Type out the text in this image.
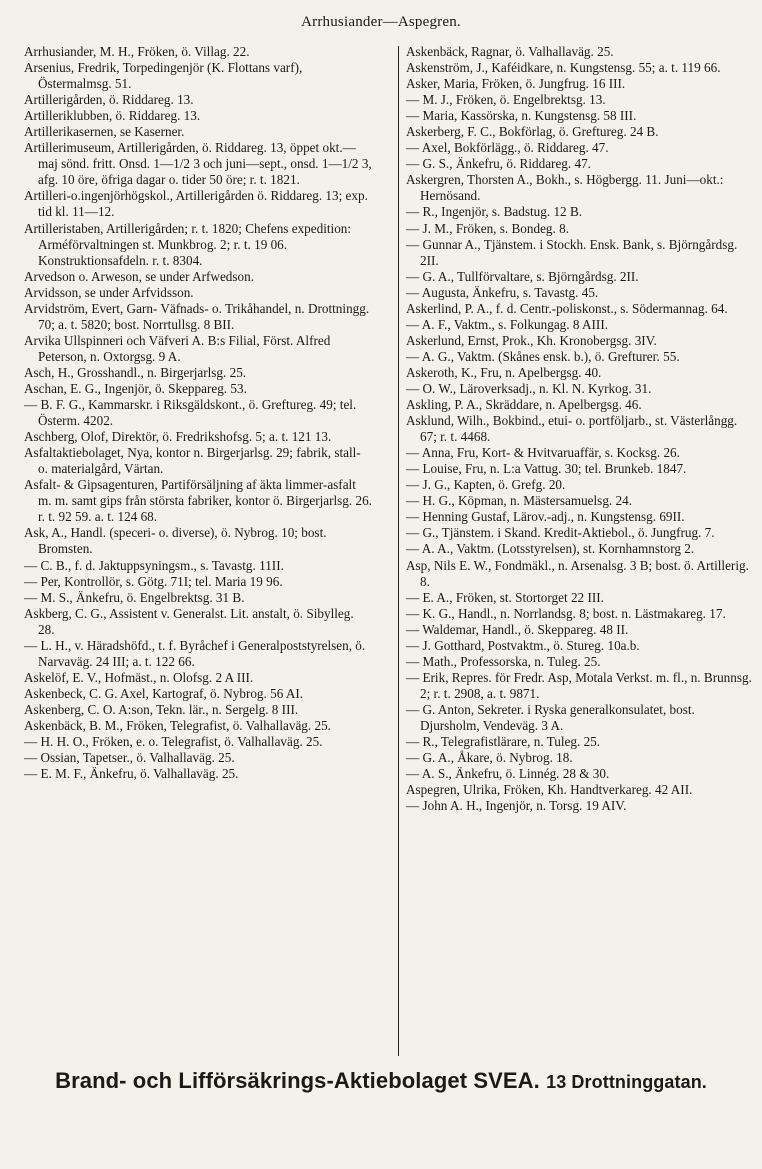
Arrhusiander—Aspegren.
Arrhusiander, M. H., Fröken, ö. Villag. 22.
Arsenius, Fredrik, Torpedingenjör (K. Flottans varf), Östermalmsg. 51.
Artillerigården, ö. Riddareg. 13.
Artilleriklubben, ö. Riddareg. 13.
Artillerikasernen, se Kaserner.
Artillerimuseum, Artillerigården, ö. Riddareg. 13, öppet okt.—maj sönd. fritt. Onsd. 1—1/2 3 och juni—sept., onsd. 1—1/2 3, afg. 10 öre, öfriga dagar o. tider 50 öre; r. t. 1821.
Artilleri-o.ingenjörhögskol., Artillerigården ö. Riddareg. 13; exp. tid kl. 11—12.
Artilleristaben, Artillerigården; r. t. 1820; Chefens expedition: Arméförvaltningen st. Munkbrog. 2; r. t. 19 06. Konstruktionsafdeln. r. t. 8304.
Arvedson o. Arweson, se under Arfwedson.
Arvidsson, se under Arfvidsson.
Arvidström, Evert, Garn- Väfnads- o. Trikåhandel, n. Drottningg. 70; a. t. 5820; bost. Norrtullsg. 8 BII.
Arvika Ullspinneri och Väfveri A. B:s Filial, Först. Alfred Peterson, n. Oxtorgsg. 9 A.
Asch, H., Grosshandl., n. Birgerjarlsg. 25.
Aschan, E. G., Ingenjör, ö. Skeppareg. 53.
— B. F. G., Kammarskr. i Riksgäldskont., ö. Greftureg. 49; tel. Österm. 4202.
Aschberg, Olof, Direktör, ö. Fredrikshofsg. 5; a. t. 121 13.
Asfaltaktiebolaget, Nya, kontor n. Birgerjarlsg. 29; fabrik, stall- o. materialgård, Värtan.
Asfalt- & Gipsagenturen, Partiförsäljning af äkta limmer-asfalt m. m. samt gips från största fabriker, kontor ö. Birgerjarlsg. 26. r. t. 92 59. a. t. 124 68.
Ask, A., Handl. (speceri- o. diverse), ö. Nybrog. 10; bost. Bromsten.
— C. B., f. d. Jaktuppsyningsm., s. Tavastg. 11II.
— Per, Kontrollör, s. Götg. 71I; tel. Maria 19 96.
— M. S., Änkefru, ö. Engelbrektsg. 31 B.
Askberg, C. G., Assistent v. Generalst. Lit. anstalt, ö. Sibylleg. 28.
— L. H., v. Häradshöfd., t. f. Byråchef i Generalpoststyrelsen, ö. Narvaväg. 24 III; a. t. 122 66.
Askelöf, E. V., Hofmäst., n. Olofsg. 2 A III.
Askenbeck, C. G. Axel, Kartograf, ö. Nybrog. 56 AI.
Askenberg, C. O. A:son, Tekn. lär., n. Sergelg. 8 III.
Askenbäck, B. M., Fröken, Telegrafist, ö. Valhallaväg. 25.
— H. H. O., Fröken, e. o. Telegrafist, ö. Valhallaväg. 25.
— Ossian, Tapetser., ö. Valhallaväg. 25.
— E. M. F., Änkefru, ö. Valhallaväg. 25.
Askenbäck, Ragnar, ö. Valhallaväg. 25.
Askenström, J., Kaféidkare, n. Kungstensg. 55; a. t. 119 66.
Asker, Maria, Fröken, ö. Jungfrug. 16 III.
— M. J., Fröken, ö. Engelbrektsg. 13.
— Maria, Kassörska, n. Kungstensg. 58 III.
Askerberg, F. C., Bokförlag, ö. Greftureg. 24 B.
— Axel, Bokförlägg., ö. Riddareg. 47.
— G. S., Änkefru, ö. Riddareg. 47.
Askergren, Thorsten A., Bokh., s. Högbergg. 11. Juni—okt.: Hernösand.
— R., Ingenjör, s. Badstug. 12 B.
— J. M., Fröken, s. Bondeg. 8.
— Gunnar A., Tjänstem. i Stockh. Ensk. Bank, s. Björngårdsg. 2II.
— G. A., Tullförvaltare, s. Björngårdsg. 2II.
— Augusta, Änkefru, s. Tavastg. 45.
Askerlind, P. A., f. d. Centr.-poliskonst., s. Södermannag. 64.
— A. F., Vaktm., s. Folkungag. 8 AIII.
Askerlund, Ernst, Prok., Kh. Kronobergsg. 3IV.
— A. G., Vaktm. (Skånes ensk. b.), ö. Grefturег. 55.
Askeroth, K., Fru, n. Apelbergsg. 40.
— O. W., Läroverksadj., n. Kl. N. Kyrkog. 31.
Askling, P. A., Skräddare, n. Apelbergsg. 46.
Asklund, Wilh., Bokbind., etui- o. portföljarb., st. Västerlångg. 67; r. t. 4468.
— Anna, Fru, Kort- & Hvitvaruaffär, s. Kocksg. 26.
— Louise, Fru, n. L:a Vattug. 30; tel. Brunkeb. 1847.
— J. G., Kapten, ö. Grefg. 20.
— H. G., Köpman, n. Mästersamuelsg. 24.
— Henning Gustaf, Lärov.-adj., n. Kungstensg. 69II.
— G., Tjänstem. i Skand. Kredit-Aktiebol., ö. Jungfrug. 7.
— A. A., Vaktm. (Lotsstyrelsen), st. Kornhamnstorg 2.
Asp, Nils E. W., Fondmäkl., n. Arsenalsg. 3 B; bost. ö. Artillerig. 8.
— E. A., Fröken, st. Stortorget 22 III.
— K. G., Handl., n. Norrlandsg. 8; bost. n. Lästmakareg. 17.
— Waldemar, Handl., ö. Skeppareg. 48 II.
— J. Gotthard, Postvaktm., ö. Stureg. 10a.b.
— Math., Professorska, n. Tuleg. 25.
— Erik, Repres. för Fredr. Asp, Motala Verkst. m. fl., n. Brunnsg. 2; r. t. 2908, a. t. 9871.
— G. Anton, Sekreter. i Ryska generalkonsulatet, bost. Djursholm, Vendeväg. 3 A.
— R., Telegrafistlärare, n. Tuleg. 25.
— G. A., Åkare, ö. Nybrog. 18.
— A. S., Änkefru, ö. Linnég. 28 & 30.
Aspegren, Ulrika, Fröken, Kh. Handtverkareg. 42 AII.
— John A. H., Ingenjör, n. Torsg. 19 AIV.
Brand- och Lifförsäkrings-Aktiebolaget SVEA. 13 Drottninggatan.
